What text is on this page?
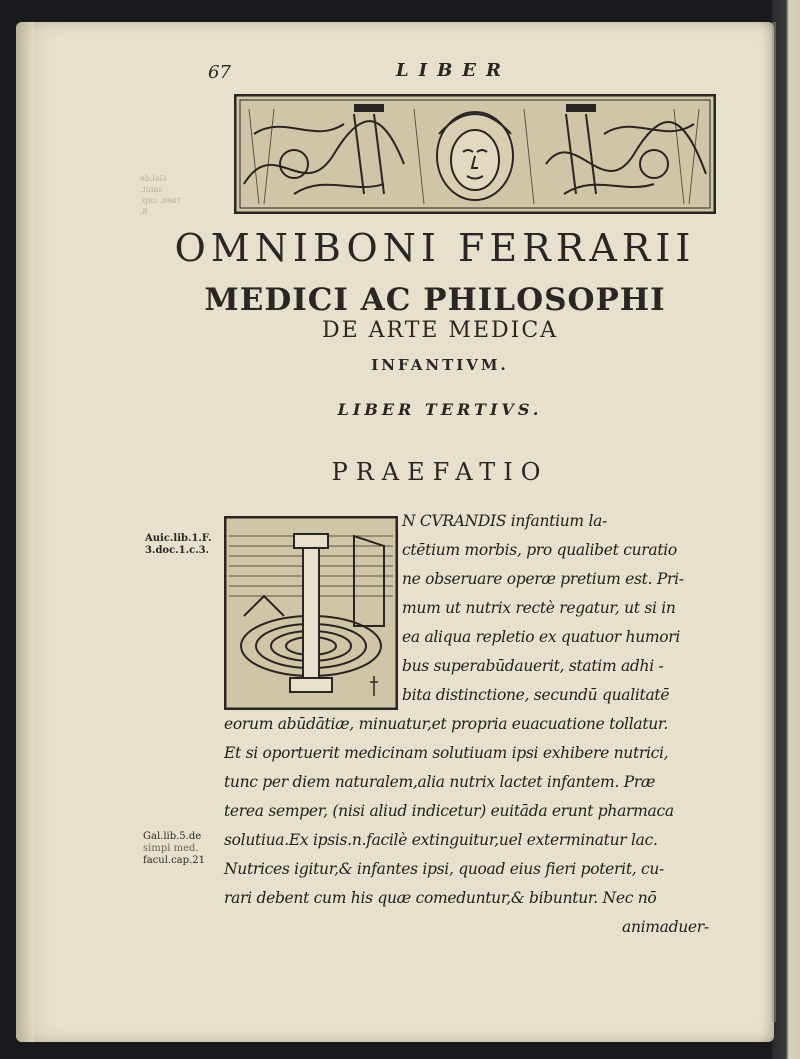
Gal.de sanit.
tuen. cap. 8.
67	LIBER
OMNIBONI FERRARII
MEDICI AC PHILOSOPHI
DE ARTE MEDICA
INFANTIVM.
LIBER TERTIVS.
PRAEFATIO
Auic.lib.1.F.
3.doc.1.c.3.
Gal.lib.5.de
simpl med.
facul.cap.21
N CVRANDIS infantium la-
ctētium morbis, pro qualibet curatio
ne obseruare operæ pretium est. Pri-
mum ut nutrix rectè regatur, ut si in
ea aliqua repletio ex quatuor humori
bus superabūdauerit, statim adhi -
bita distinctione, secundū qualitatē
eorum abūdātiæ, minuatur,et propria euacuatione tollatur.
Et si oportuerit medicinam solutiuam ipsi exhibere nutrici,
tunc per diem naturalem,alia nutrix lactet infantem. Præ
terea semper, (nisi aliud indicetur) euitāda erunt pharmaca
solutiua.Ex ipsis.n.facilè extinguitur,uel exterminatur lac.
Nutrices igitur,& infantes ipsi, quoad eius fieri poterit, cu-
rari debent cum his quæ comeduntur,& bibuntur. Nec nō
animaduer-
